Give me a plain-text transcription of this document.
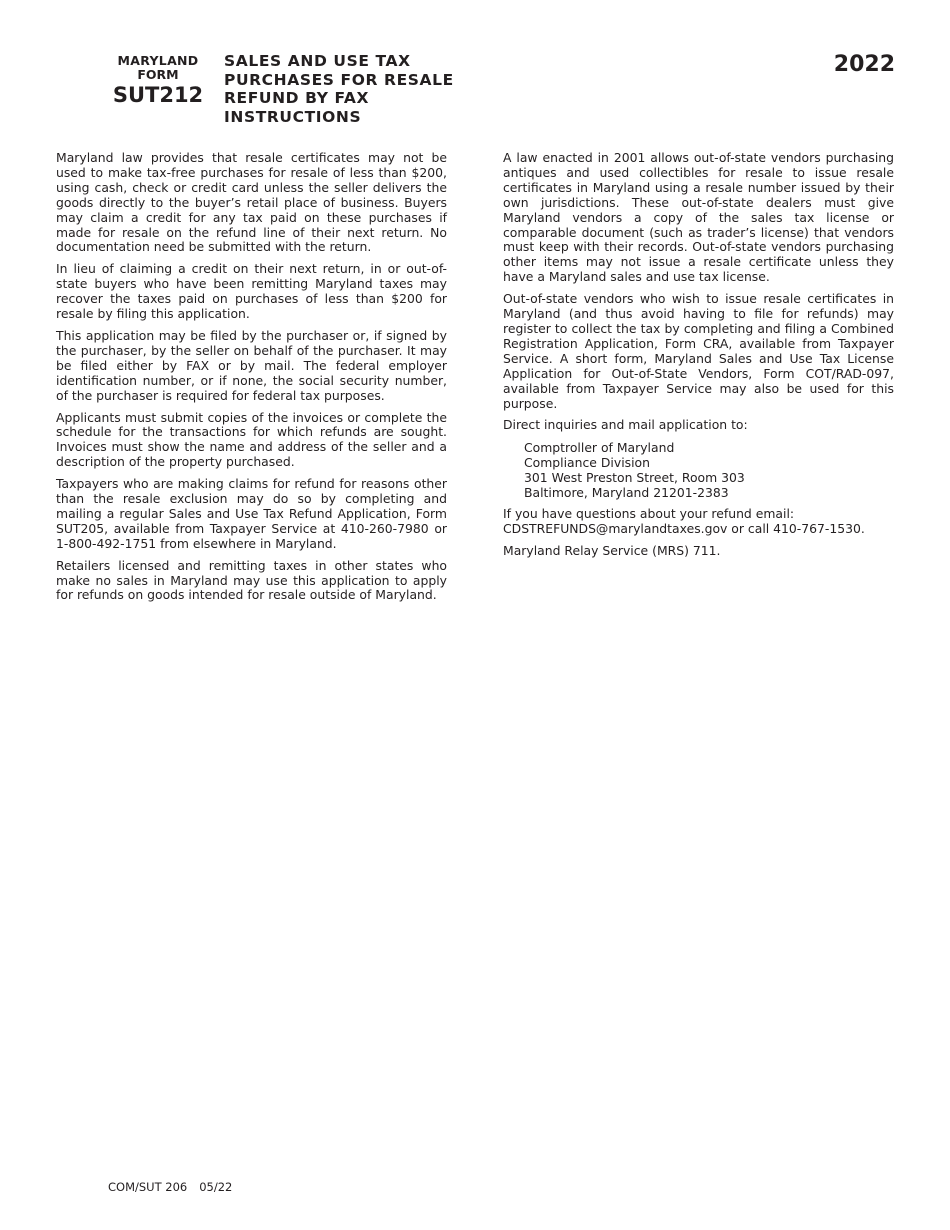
MARYLAND
FORM
SUT212
SALES AND USE TAX
PURCHASES FOR RESALE
REFUND BY FAX
INSTRUCTIONS
2022

Maryland law provides that resale certificates may not be used to make tax-free purchases for resale of less than $200, using cash, check or credit card unless the seller delivers the goods directly to the buyer’s retail place of business. Buyers may claim a credit for any tax paid on these purchases if made for resale on the refund line of their next return. No documentation need be submitted with the return.

In lieu of claiming a credit on their next return, in or out-of-state buyers who have been remitting Maryland taxes may recover the taxes paid on purchases of less than $200 for resale by filing this application.

This application may be filed by the purchaser or, if signed by the purchaser, by the seller on behalf of the purchaser. It may be filed either by FAX or by mail. The federal employer identification number, or if none, the social security number, of the purchaser is required for federal tax purposes.

Applicants must submit copies of the invoices or complete the schedule for the transactions for which refunds are sought. Invoices must show the name and address of the seller and a description of the property purchased.

Taxpayers who are making claims for refund for reasons other than the resale exclusion may do so by completing and mailing a regular Sales and Use Tax Refund Application, Form SUT205, available from Taxpayer Service at 410-260-7980 or 1-800-492-1751 from elsewhere in Maryland.

Retailers licensed and remitting taxes in other states who make no sales in Maryland may use this application to apply for refunds on goods intended for resale outside of Maryland.

A law enacted in 2001 allows out-of-state vendors purchasing antiques and used collectibles for resale to issue resale certificates in Maryland using a resale number issued by their own jurisdictions. These out-of-state dealers must give Maryland vendors a copy of the sales tax license or comparable document (such as trader’s license) that vendors must keep with their records. Out-of-state vendors purchasing other items may not issue a resale certificate unless they have a Maryland sales and use tax license.

Out-of-state vendors who wish to issue resale certificates in Maryland (and thus avoid having to file for refunds) may register to collect the tax by completing and filing a Combined Registration Application, Form CRA, available from Taxpayer Service. A short form, Maryland Sales and Use Tax License Application for Out-of-State Vendors, Form COT/RAD-097, available from Taxpayer Service may also be used for this purpose.

Direct inquiries and mail application to:

Comptroller of Maryland
Compliance Division
301 West Preston Street, Room 303
Baltimore, Maryland 21201-2383

If you have questions about your refund email:
CDSTREFUNDS@marylandtaxes.gov or call 410-767-1530.

Maryland Relay Service (MRS) 711.

COM/SUT 206 05/22
